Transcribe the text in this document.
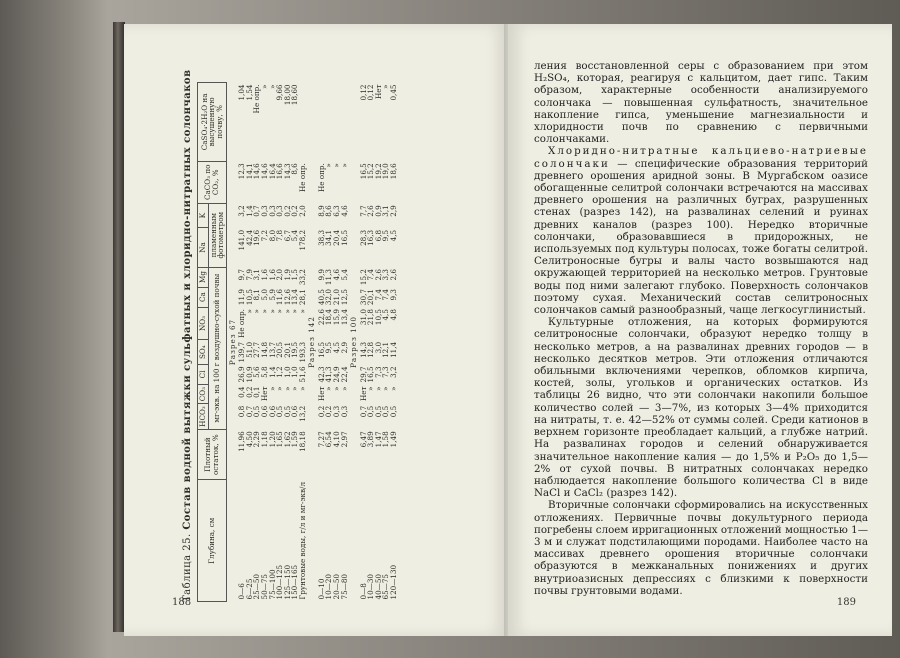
Таблица 25. Состав водной вытяжки сульфатных и хлоридно-нитратных солончаков
Глубина, см	Плотный остаток, %	HCO₃	CO₃	Cl	SO₄	NO₃	Ca	Mg	Na	K	CaCO₃ по CO₂, %	CaSO₄·2H₂O на высушенную почву, %
		мг-экв. на 100 г воздушно-сухой почвы							пламенным фотометром			
Разрез 67												
0—6	11,96	0,8	0,4	26,9	139,7	Не опр.	11,9	9,7	141,0	3,2	12,3	1,04
6—25	4,50	0,7	0,2	10,9	51,0	»	10,5	7,9	42,4	1,4	14,1	1,54
25—50	2,29	0,5	0,1	5,6	27,7	»	8,1	3,1	19,6	0,7	14,6	Не опр.
50—75	1,18	0,6	Нет	5,8	14,8	»	5,0	1,6	7,2	0,3	14,6	»
75—100	1,20	0,6	»	1,4	13,7	»	5,9	1,6	8,0	0,3	16,4	»
100—125	1,65	0,5	»	1,2	20,5	»	11,6	2,0	7,8	0,3	16,6	9,66
125—150	1,62	0,5	»	1,0	20,1	»	12,6	1,9	6,7	0,2	14,3	18,00
150—165	1,59	0,6	»	1,0	19,5	»	13,4	1,5	5,4	0,2	8,6	18,60
Грунтовые воды, г/л и мг-экв/л	18,18	13,2	»	51,6	193,3	»	28,1	33,2	178,2	2,0	Не опр.	
Разрез 142												
0—10	7,27	0,2	Нет	42,3	16,5	22,6	40,5	9,9	38,3	8,9	Не опр.	
10—20	6,54	0,2	»	41,3	9,5	18,4	32,0	11,3	34,1	8,6	»	
20—50	4,10	0,3	»	24,9	4,5	15,9	21,0	4,6	20,4	6,3	»	
75—80	2,97	0,3	»	22,4	2,9	13,4	12,5	5,4	16,5	4,6	»	
Разрез 100												
0—8	6,47	0,7	Нет	29,7	14,3	31,0	30,7	15,2	28,3	7,7	16,5	0,12
10—30	3,89	0,5	»	16,5	12,8	21,8	20,1	7,4	16,3	2,6	15,2	0,12
40—50	1,47	0,5	»	7,3	3,0	10,5	7,4	2,6	6,8	0,9	19,2	Нет
65—75	1,58	0,5	»	7,3	12,1	4,5	7,4	3,3	9,5	3,1	19,0	»
120—130	1,49	0,5	»	3,2	11,4	4,8	9,3	2,6	4,5	2,9	18,6	0,45
188

ления восстановленной серы с образованием при этом H₂SO₄, которая, реагируя с кальцитом, дает гипс. Таким образом, характерные особенности анализируемого солончака — повышенная сульфатность, значительное накопление гипса, уменьшение магнезиальности и хлоридности почв по сравнению с первичными солончаками.

Хлоридно-нитратные кальциево-натриевые солончаки — специфические образования территорий древнего орошения аридной зоны. В Мургабском оазисе обогащенные селитрой солончаки встречаются на массивах древнего орошения на различных буграх, разрушенных стенах (разрез 142), на развалинах селений и руинах древних каналов (разрез 100). Нередко вторичные солончаки, образовавшиеся в придорожных, не используемых под культуры полосах, тоже богаты селитрой. Селитроносные бугры и валы часто возвышаются над окружающей территорией на несколько метров. Грунтовые воды под ними залегают глубоко. Поверхность солончаков поэтому сухая. Механический состав селитроносных солончаков самый разнообразный, чаще легкосуглинистый.

Культурные отложения, на которых формируются селитроносные солончаки, образуют нередко толщу в несколько метров, а на развалинах древних городов — в несколько десятков метров. Эти отложения отличаются обильными включениями черепков, обломков кирпича, костей, золы, угольков и органических остатков. Из таблицы 26 видно, что эти солончаки накопили большое количество солей — 3—7%, из которых 3—4% приходится на нитраты, т. е. 42—52% от суммы солей. Среди катионов в верхнем горизонте преобладает кальций, а глубже натрий. На развалинах городов и селений обнаруживается значительное накопление калия — до 1,5% и P₂O₅ до 1,5—2% от сухой почвы. В нитратных солончаках нередко наблюдается накопление большого количества Cl в виде NaCl и CaCl₂ (разрез 142).

Вторичные солончаки сформировались на искусственных отложениях. Первичные почвы докультурного периода погребены слоем ирригационных отложений мощностью 1—3 м и служат подстилающими породами. Наиболее часто на массивах древнего орошения вторичные солончаки образуются в межканальных понижениях и других внутриоазисных депрессиях с близкими к поверхности почвы грунтовыми водами.

189
